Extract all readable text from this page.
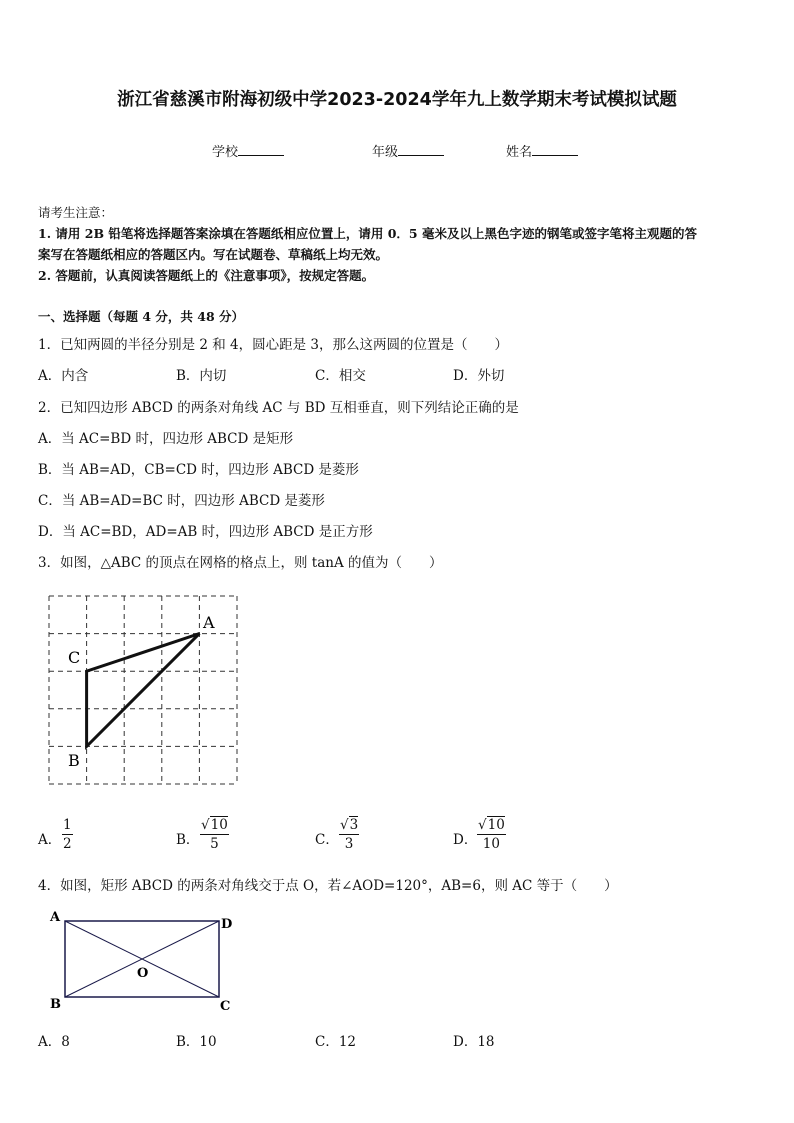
浙江省慈溪市附海初级中学2023-2024学年九上数学期末考试模拟试题
学校	年级	姓名
请考生注意：
1. 请用 2B 铅笔将选择题答案涂填在答题纸相应位置上，请用 0．5 毫米及以上黑色字迹的钢笔或签字笔将主观题的答
案写在答题纸相应的答题区内。写在试题卷、草稿纸上均无效。
2. 答题前，认真阅读答题纸上的《注意事项》，按规定答题。
一、选择题（每题 4 分，共 48 分）
1．已知两圆的半径分别是 2 和 4，圆心距是 3，那么这两圆的位置是（　　）
A．内含	B．内切	C．相交	D．外切
2．已知四边形 ABCD 的两条对角线 AC 与 BD 互相垂直，则下列结论正确的是
A．当 AC=BD 时，四边形 ABCD 是矩形
B．当 AB=AD，CB=CD 时，四边形 ABCD 是菱形
C．当 AB=AD=BC 时，四边形 ABCD 是菱形
D．当 AC=BD，AD=AB 时，四边形 ABCD 是正方形
3．如图，△ABC 的顶点在网格的格点上，则 tanA 的值为（　　）
A
C
B
A． $\frac{1}{2}$	B． $\frac{√10}{5}$	C． $\frac{√3}{3}$	D． $\frac{√10}{10}$
4．如图，矩形 ABCD 的两条对角线交于点 O，若∠AOD=120°，AB=6，则 AC 等于（　　）
A	D
B	C
O
A．8	B．10	C．12	D．18
